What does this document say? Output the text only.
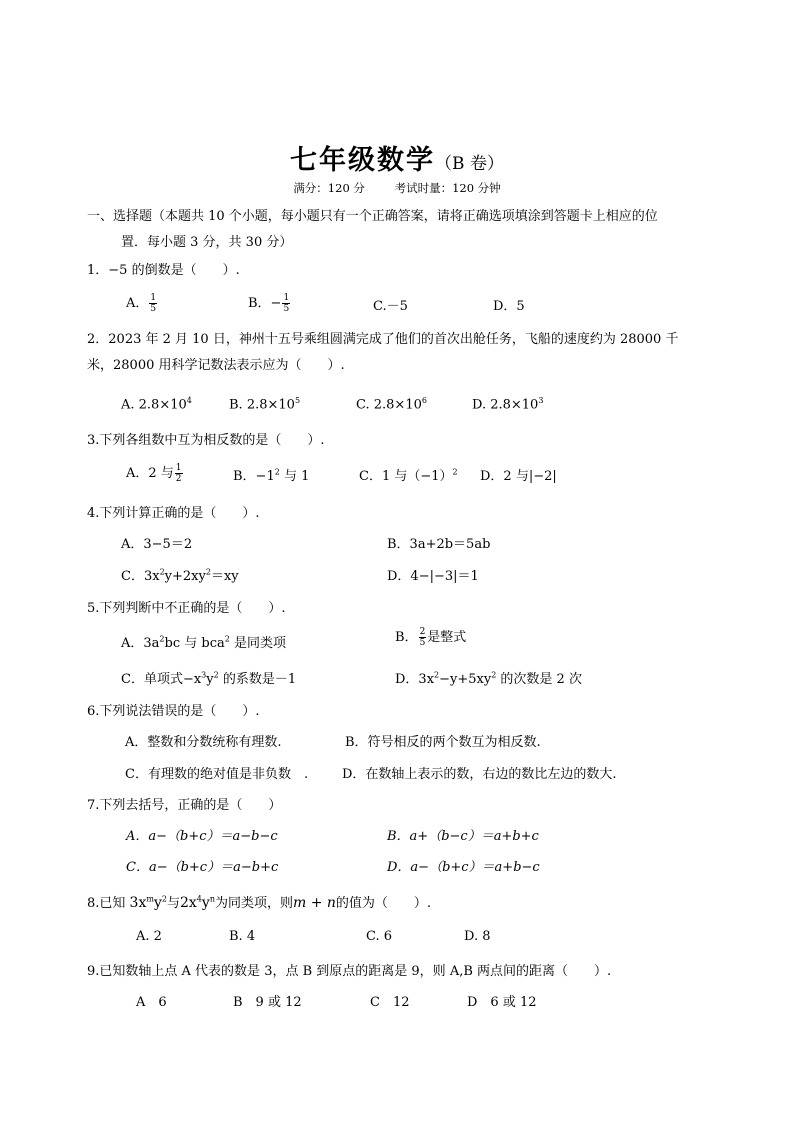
七年级数学（B 卷）
满分：120 分	考试时量：120 分钟
一、选择题（本题共 10 个小题，每小题只有一个正确答案，请将正确选项填涂到答题卡上相应的位
置．每小题 3 分，共 30 分）
1．−5 的倒数是（　　）.
A． $\frac{1}{5}$	B．− $\frac{1}{5}$	C.－5	D．5
2．2023 年 2 月 10 日，神州十五号乘组圆满完成了他们的首次出舱任务，飞船的速度约为 28000 千
米，28000 用科学记数法表示应为（　　）.
A. $2.8\times 10^4$	B. $2.8\times 10^5$	C. $2.8\times 10^6$	D. $2.8\times 10^3$
3.下列各组数中互为相反数的是（　　）.
A．2 与 $\frac{1}{2}$	B．$-1^2$ 与 1	C．1 与$(-1)^2$ D．2 与|−2|
4.下列计算正确的是（　　）.
A．3−5＝2	B．3a+2b＝5ab
C．$3x^2y+2xy^2=xy$	D．4−|−3|＝1
5.下列判断中不正确的是（　　）.
A．$3a^2bc$ 与 bca$^2$ 是同类项	B． $\frac{2}{5}$ 是整式
C．单项式$-x^3y^2$ 的系数是－1	D．$3x^2-y+5xy^2$ 的次数是 2 次
6.下列说法错误的是（　　）.
A．整数和分数统称有理数.	B．符号相反的两个数互为相反数.
C．有理数的绝对值是非负数　.	D．在数轴上表示的数，右边的数比左边的数大.
7.下列去括号，正确的是（　　）
A．a−（b+c）＝a−b−c	B．a+（b−c）＝a+b+c
C．a−（b+c）＝a−b+c	D．a−（b+c）＝a+b−c
8.已知 $3x^my^2$与$2x^4y^n$为同类项，则m + n的值为（　　）.
A. 2	B. 4	C. 6	D. 8
9.已知数轴上点 A 代表的数是 3，点 B 到原点的距离是 9，则 A,B 两点间的距离（　　）.
A　6	B　9 或 12	C　12	D　6 或 12
